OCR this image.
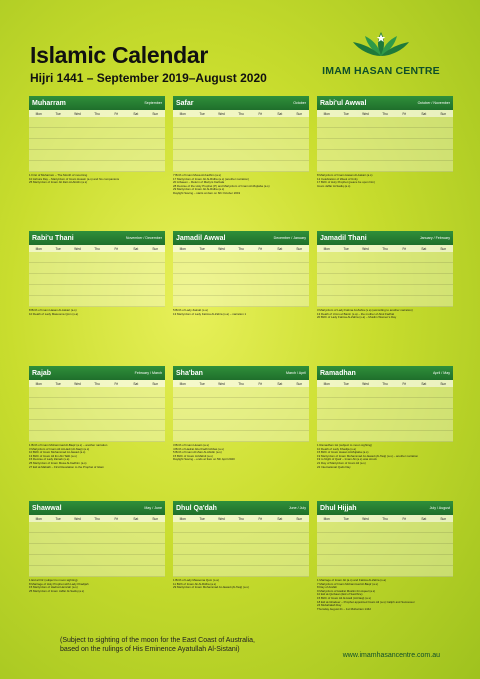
Islamic Calendar
Hijri 1441 – September 2019–August 2020	IMAM HASAN CENTRE
Muharram	September
Mon	Tue	Wed	Thu	Fri	Sat	Sun

1 First of Muharram – The Month of mourning
10 Ashura Day – Martyrdom of Imam Husain (a.s) and his companions
25 Martyrdom of Imam Ali Zain Al-Abidin (a.s)
Safar	October
Mon	Tue	Wed	Thu	Fri	Sat	Sun

7 Birth of Imam Musa Al-Kadhim (a.s)
17 Martyrdom of Imam Ali Al-Ridha (a.s) (another narration)
20 Arbaeen – Return of Martyrs Karbala
28 Demise of the Holy Prophet (P) and Martyrdom of Imam Al-Mujtaba (a.s)
29 Martyrdom of Imam Ali Al-Ridha (a.s)
Daylight Saving – starts at 2am on 6th October 2019
Rabi'ul Awwal	October / November
Mon	Tue	Wed	Thu	Fri	Sat	Sun

8 Martyrdom of Imam Hasan Al-Askari (a.s)
12 Celebration of Week of Unity
17 Birth of Holy Prophet (peace be upon him)
Imam Jaffar Al-Sadiq (a.s)
Rabi'u Thani	November / December
Mon	Tue	Wed	Thu	Fri	Sat	Sun

8 Birth of Imam Hasan Al-Askari (a.s)
10 Death of Lady Masooma Qom (s.a)
Jamadil Awwal	December / January
Mon	Tue	Wed	Thu	Fri	Sat	Sun

5 Birth of Lady Zainab (s.a)
13 Martyrdom of Lady Fatima Al-Zahra (s.a) – narration 1
Jamadil Thani	January / February
Mon	Tue	Wed	Thu	Fri	Sat	Sun

3 Martyrdom of Lady Fatima Al-Zahra (s.a) (according to another narration)
13 Death of Umm-ul Banin (s.a) – the mother of Abul Fadhal
20 Birth of Lady Fatima Al-Zahra (s.a) – Muslim Women's Day
Rajab	February / March
Mon	Tue	Wed	Thu	Fri	Sat	Sun

1 Birth of Imam Mohammad Al-Baqir (a.s) – another narration
3 Martyrdom of Imam Ali Al-Hadi (Al-Naqi) (a.s)
10 Birth of Imam Mohammad Al-Jawad (a.s)
13 Birth of Imam Ali ibn Abi Talib (a.s)
15 Demise of Lady Zainab (s.a)
25 Martyrdom of Imam Musa Al-Kadhim (a.s)
27 Eid al-Mabath – First Revelation to the Prophet of Islam
Sha'ban	March / April
Mon	Tue	Wed	Thu	Fri	Sat	Sun

3 Birth of Imam Husain (a.s)
4 Birth of Hadrat Abul Fadhl Abbas (a.s)
5 Birth of Imam Ali Zain Al-Abidin (a.s)
15 Birth of Imam Al-Mahdi (a.s)
Daylight Saving – ends at 3am on 5th April 2020
Ramadhan	April / May
Mon	Tue	Wed	Thu	Fri	Sat	Sun

1 Ramadhan 1st (subject to moon sighting)
10 Death of Lady Khadija (s.a)
15 Birth of Imam Hasan Al-Mujtaba (a.s)
19 Martyrdom of Imam Mohammad Al-Jawad (Al-Taqi) (a.s) – another narration
19 to Night of Qadr – Imam Ali (a.s) was struck
21 Day of Martyrdom of Imam Ali (a.s)
22 International Quds Day
Shawwal	May / June
Mon	Tue	Wed	Thu	Fri	Sat	Sun

1 Eid al Fitr (subject to moon sighting)
8 Marriage of Holy Prophet with Lady Khadijah
15 Martyrdom of Hadrat Hamzah (a.s)
25 Martyrdom of Imam Jaffar Al-Sadiq (a.s)
Dhul Qa'dah	June / July
Mon	Tue	Wed	Thu	Fri	Sat	Sun

1 Birth of Lady Masooma Qom (s.a)
11 Birth of Imam Ali Al-Ridha (a.s)
29 Martyrdom of Imam Mohammad Al-Jawad (Al-Taqi) (a.s)
Dhul Hijjah	July / August
Mon	Tue	Wed	Thu	Fri	Sat	Sun

1 Marriage of Imam Ali (a.s) and Fatima Al-Zahra (s.a)
7 Martyrdom of Imam Mohammad Al-Baqir (a.s)
8 Day of Arafah
9 Martyrdom of Hadrat Muslim ibn Aqeel (a.s)
10 Eid al-Qurbaan (Eid of Sacrifice)
15 Birth of Imam Ali Al-Hadi (Al-Naqi) (a.s)
18 Eid al-Ghadeer – Prophet appointed Imam Ali (a.s) Caliph and Successor
24 Mubahalah Day
Thursday August 21 – 1st Muharram 1442
(Subject to sighting of the moon for the East Coast of Australia,
based on the rulings of His Eminence Ayatullah Al-Sistani)
www.imamhasancentre.com.au
